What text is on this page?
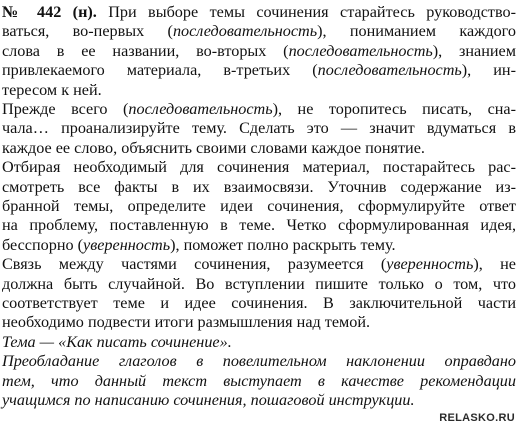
№ 442 (н). При выборе темы сочинения старайтесь руководство-
ваться, во-первых (последовательность), пониманием каждого
слова в ее названии, во-вторых (последовательность), знанием
привлекаемого материала, в-третьих (последовательность), ин-
тересом к ней.
Прежде всего (последовательность), не торопитесь писать, сна-
чала… проанализируйте тему. Сделать это — значит вдуматься в
каждое ее слово, объяснить своими словами каждое понятие.
Отбирая необходимый для сочинения материал, постарайтесь рас-
смотреть все факты в их взаимосвязи. Уточнив содержание из-
бранной темы, определите идеи сочинения, сформулируйте ответ
на проблему, поставленную в теме. Четко сформулированная идея,
бесспорно (уверенность), поможет полно раскрыть тему.
Связь между частями сочинения, разумеется (уверенность), не
должна быть случайной. Во вступлении пишите только о том, что
соответствует теме и идее сочинения. В заключительной части
необходимо подвести итоги размышления над темой.
Тема — «Как писать сочинение».
Преобладание глаголов в повелительном наклонении оправдано
тем, что данный текст выступает в качестве рекомендации
учащимся по написанию сочинения, пошаговой инструкции.
RELASKO.RU
